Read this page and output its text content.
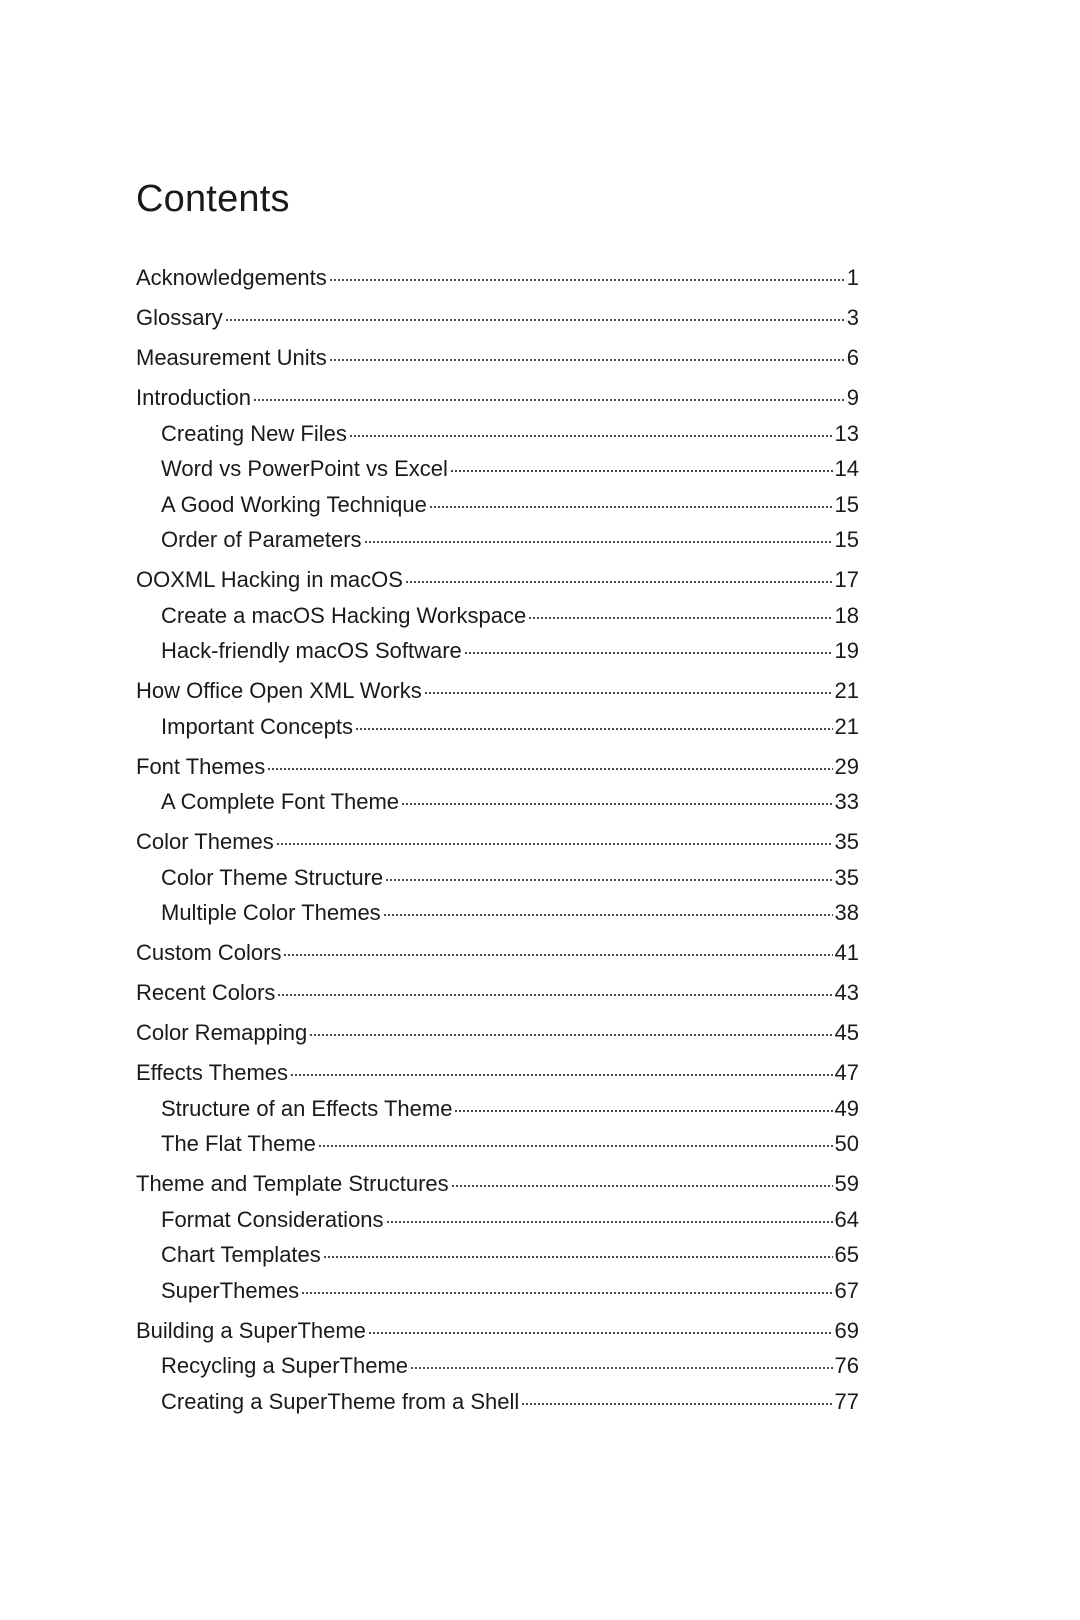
Contents
Acknowledgements	1
Glossary	3
Measurement Units	6
Introduction	9
Creating New Files	13
Word vs PowerPoint vs Excel	14
A Good Working Technique	15
Order of Parameters	15
OOXML Hacking in macOS	17
Create a macOS Hacking Workspace	18
Hack-friendly macOS Software	19
How Office Open XML Works	21
Important Concepts	21
Font Themes	29
A Complete Font Theme	33
Color Themes	35
Color Theme Structure	35
Multiple Color Themes	38
Custom Colors	41
Recent Colors	43
Color Remapping	45
Effects Themes	47
Structure of an Effects Theme	49
The Flat Theme	50
Theme and Template Structures	59
Format Considerations	64
Chart Templates	65
SuperThemes	67
Building a SuperTheme	69
Recycling a SuperTheme	76
Creating a SuperTheme from a Shell	77
